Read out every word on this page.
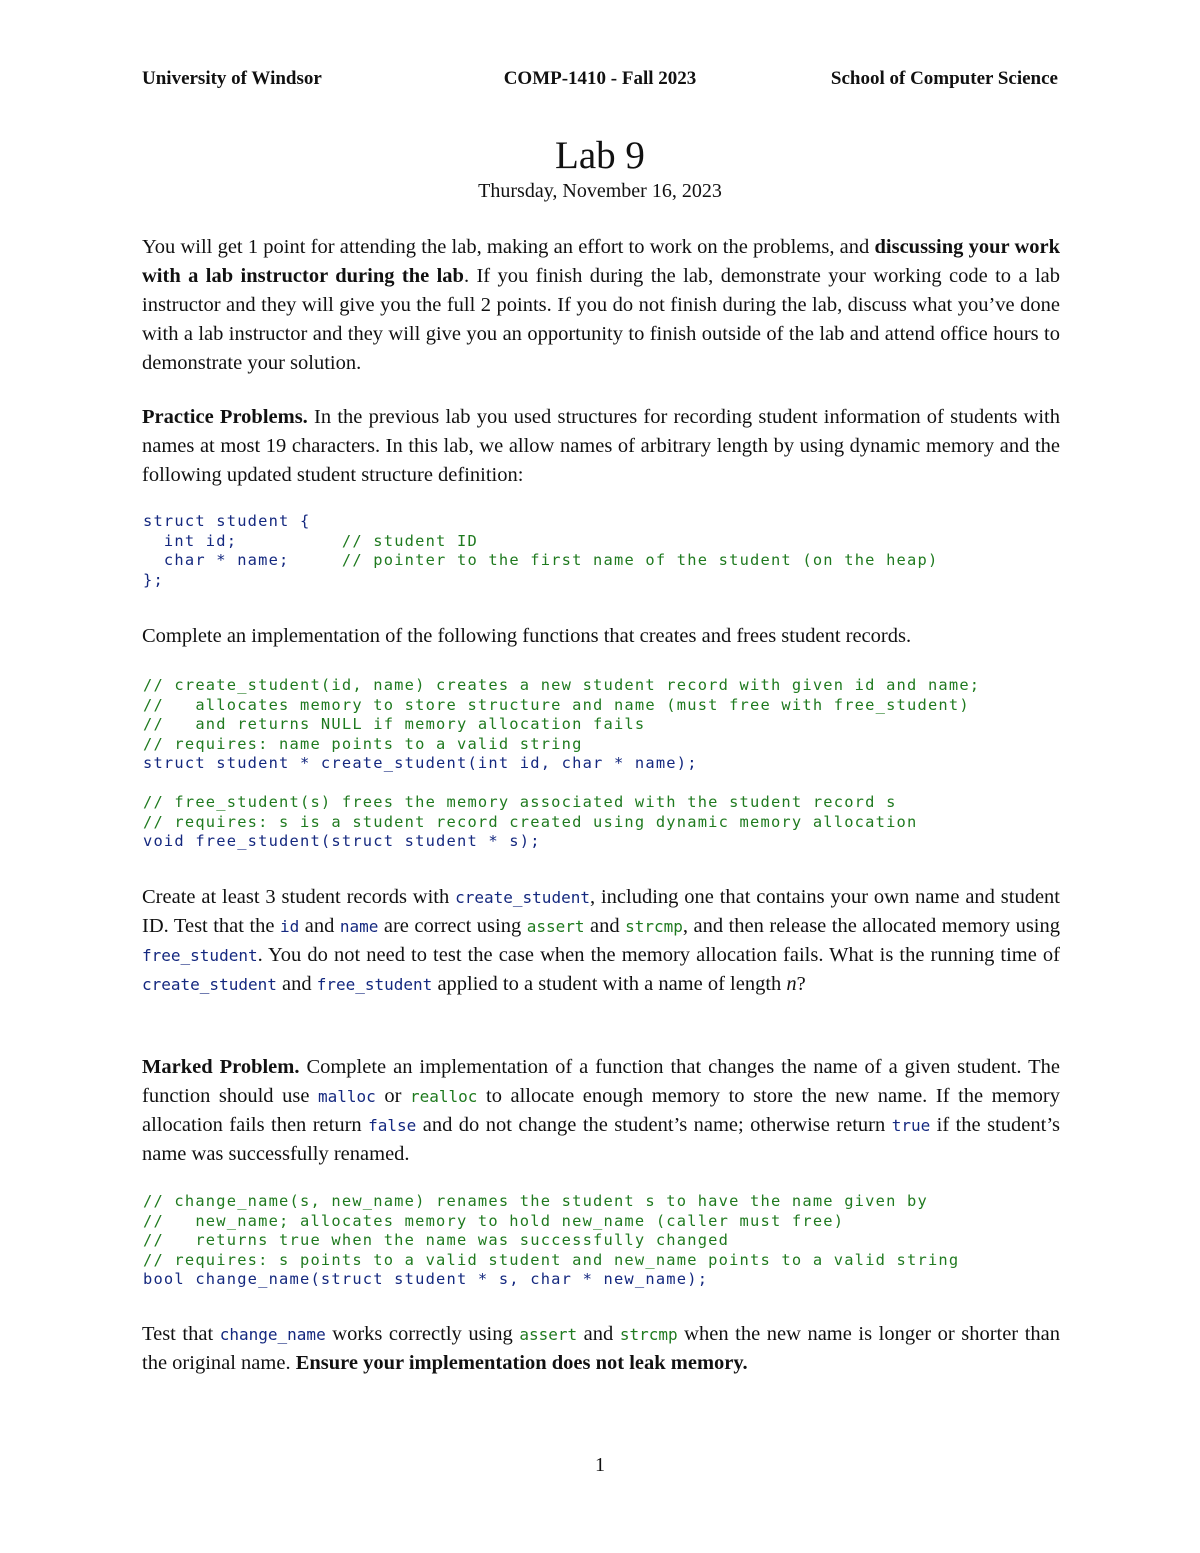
University of Windsor	COMP-1410 - Fall 2023	School of Computer Science
Lab 9
Thursday, November 16, 2023
You will get 1 point for attending the lab, making an effort to work on the problems, and discussing your work with a lab instructor during the lab. If you finish during the lab, demonstrate your working code to a lab instructor and they will give you the full 2 points. If you do not finish during the lab, discuss what you’ve done with a lab instructor and they will give you an opportunity to finish outside of the lab and attend office hours to demonstrate your solution.
Practice Problems. In the previous lab you used structures for recording student information of students with names at most 19 characters. In this lab, we allow names of arbitrary length by using dynamic memory and the following updated student structure definition:
struct student {
int id;          // student ID
char * name;     // pointer to the first name of the student (on the heap)
};
Complete an implementation of the following functions that creates and frees student records.
// create_student(id, name) creates a new student record with given id and name;
//   allocates memory to store structure and name (must free with free_student)
//   and returns NULL if memory allocation fails
// requires: name points to a valid string
struct student * create_student(int id, char * name);

// free_student(s) frees the memory associated with the student record s
// requires: s is a student record created using dynamic memory allocation
void free_student(struct student * s);
Create at least 3 student records with create_student, including one that contains your own name and student ID. Test that the id and name are correct using assert and strcmp, and then release the allocated memory using free_student. You do not need to test the case when the memory allocation fails. What is the running time of create_student and free_student applied to a student with a name of length n?
Marked Problem. Complete an implementation of a function that changes the name of a given student. The function should use malloc or realloc to allocate enough memory to store the new name. If the memory allocation fails then return false and do not change the student’s name; otherwise return true if the student’s name was successfully renamed.
// change_name(s, new_name) renames the student s to have the name given by
//   new_name; allocates memory to hold new_name (caller must free)
//   returns true when the name was successfully changed
// requires: s points to a valid student and new_name points to a valid string
bool change_name(struct student * s, char * new_name);
Test that change_name works correctly using assert and strcmp when the new name is longer or shorter than the original name. Ensure your implementation does not leak memory.
1
